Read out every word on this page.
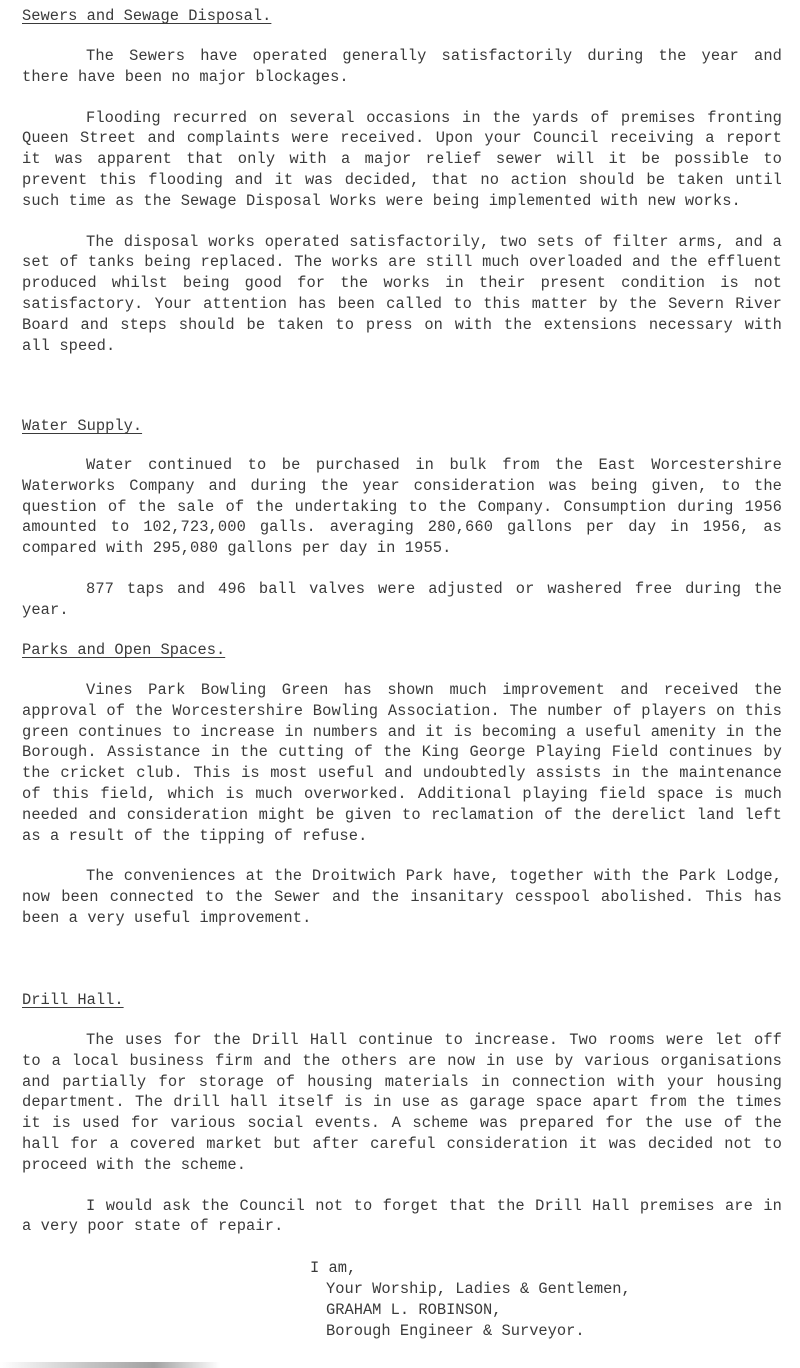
Sewers and Sewage Disposal.

The Sewers have operated generally satisfactorily during the year and there have been no major blockages.

Flooding recurred on several occasions in the yards of premises fronting Queen Street and complaints were received. Upon your Council receiving a report it was apparent that only with a major relief sewer will it be possible to prevent this flooding and it was decided, that no action should be taken until such time as the Sewage Disposal Works were being implemented with new works.

The disposal works operated satisfactorily, two sets of filter arms, and a set of tanks being replaced. The works are still much overloaded and the effluent produced whilst being good for the works in their present condition is not satisfactory. Your attention has been called to this matter by the Severn River Board and steps should be taken to press on with the extensions necessary with all speed.

Water Supply.

Water continued to be purchased in bulk from the East Worcestershire Waterworks Company and during the year consideration was being given, to the question of the sale of the undertaking to the Company. Consumption during 1956 amounted to 102,723,000 galls. averaging 280,660 gallons per day in 1956, as compared with 295,080 gallons per day in 1955.

877 taps and 496 ball valves were adjusted or washered free during the year.

Parks and Open Spaces.

Vines Park Bowling Green has shown much improvement and received the approval of the Worcestershire Bowling Association. The number of players on this green continues to increase in numbers and it is becoming a useful amenity in the Borough. Assistance in the cutting of the King George Playing Field continues by the cricket club. This is most useful and undoubtedly assists in the maintenance of this field, which is much overworked. Additional playing field space is much needed and consideration might be given to reclamation of the derelict land left as a result of the tipping of refuse.

The conveniences at the Droitwich Park have, together with the Park Lodge, now been connected to the Sewer and the insanitary cesspool abolished. This has been a very useful improvement.

Drill Hall.

The uses for the Drill Hall continue to increase. Two rooms were let off to a local business firm and the others are now in use by various organisations and partially for storage of housing materials in connection with your housing department. The drill hall itself is in use as garage space apart from the times it is used for various social events. A scheme was prepared for the use of the hall for a covered market but after careful consideration it was decided not to proceed with the scheme.

I would ask the Council not to forget that the Drill Hall premises are in a very poor state of repair.

I am,
Your Worship, Ladies & Gentlemen,
GRAHAM L. ROBINSON,
Borough Engineer & Surveyor.
